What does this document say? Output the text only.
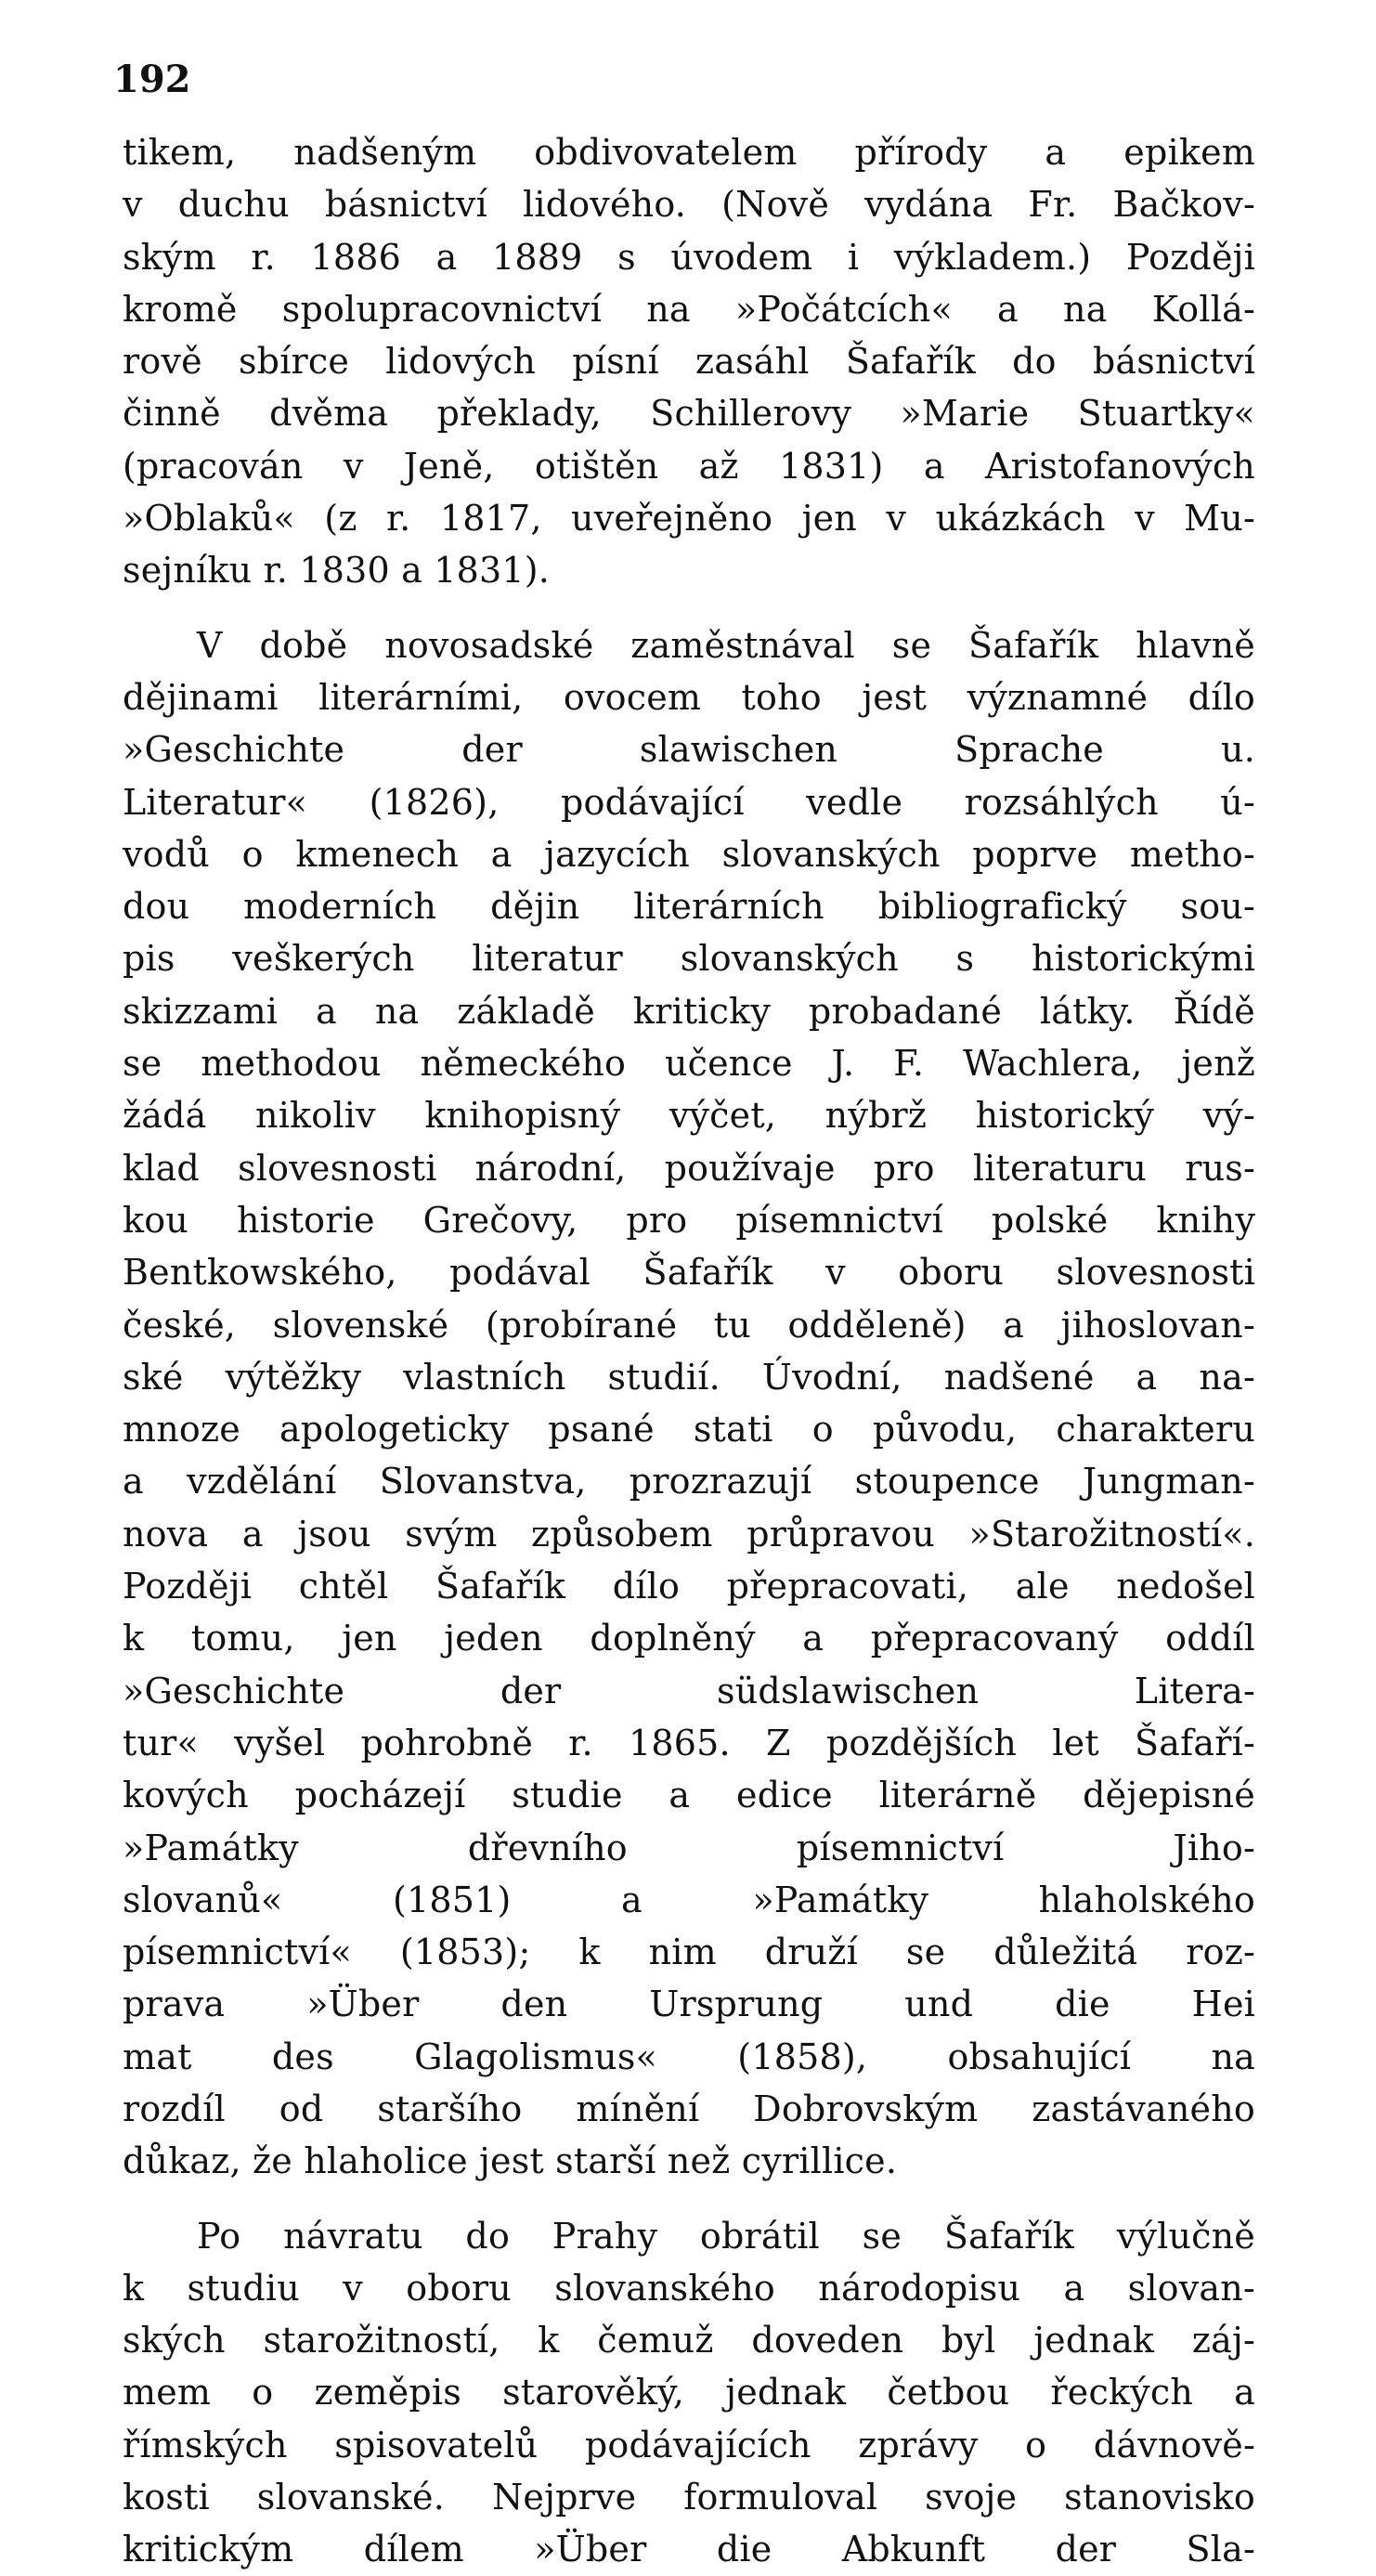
192
tikem, nadšeným obdivovatelem přírody a epikem
v duchu básnictví lidového. (Nově vydána Fr. Bačkov-
ským r. 1886 a 1889 s úvodem i výkladem.) Později
kromě spolupracovnictví na »Počátcích« a na Kollá-
rově sbírce lidových písní zasáhl Šafařík do básnictví
činně dvěma překlady, Schillerovy »Marie Stuartky«
(pracován v Jeně, otištěn až 1831) a Aristofanových
»Oblaků« (z r. 1817, uveřejněno jen v ukázkách v Mu-
sejníku r. 1830 a 1831).
V době novosadské zaměstnával se Šafařík hlavně
dějinami literárními, ovocem toho jest významné dílo
»Geschichte der slawischen Sprache u.
Literatur« (1826), podávající vedle rozsáhlých ú-
vodů o kmenech a jazycích slovanských poprve metho-
dou moderních dějin literárních bibliografický sou-
pis veškerých literatur slovanských s historickými
skizzami a na základě kriticky probadané látky. Řídě
se methodou německého učence J. F. Wachlera, jenž
žádá nikoliv knihopisný výčet, nýbrž historický vý-
klad slovesnosti národní, používaje pro literaturu rus-
kou historie Grečovy, pro písemnictví polské knihy
Bentkowského, podával Šafařík v oboru slovesnosti
české, slovenské (probírané tu odděleně) a jihoslovan-
ské výtěžky vlastních studií. Úvodní, nadšené a na-
mnoze apologeticky psané stati o původu, charakteru
a vzdělání Slovanstva, prozrazují stoupence Jungman-
nova a jsou svým způsobem průpravou »Starožitností«.
Později chtěl Šafařík dílo přepracovati, ale nedošel
k tomu, jen jeden doplněný a přepracovaný oddíl
»Geschichte der südslawischen Litera-
tur« vyšel pohrobně r. 1865. Z pozdějších let Šafaří-
kových pocházejí studie a edice literárně dějepisné
»Památky dřevního písemnictví Jiho-
slovanů« (1851) a »Památky hlaholského
písemnictví« (1853); k nim druží se důležitá roz-
prava »Über den Ursprung und die Hei
mat des Glagolismus« (1858), obsahující na
rozdíl od staršího mínění Dobrovským zastávaného
důkaz, že hlaholice jest starší než cyrillice.
Po návratu do Prahy obrátil se Šafařík výlučně
k studiu v oboru slovanského národopisu a slovan-
ských starožitností, k čemuž doveden byl jednak záj-
mem o zeměpis starověký, jednak četbou řeckých a
římských spisovatelů podávajících zprávy o dávnově-
kosti slovanské. Nejprve formuloval svoje stanovisko
kritickým dílem »Über die Abkunft der Sla-
